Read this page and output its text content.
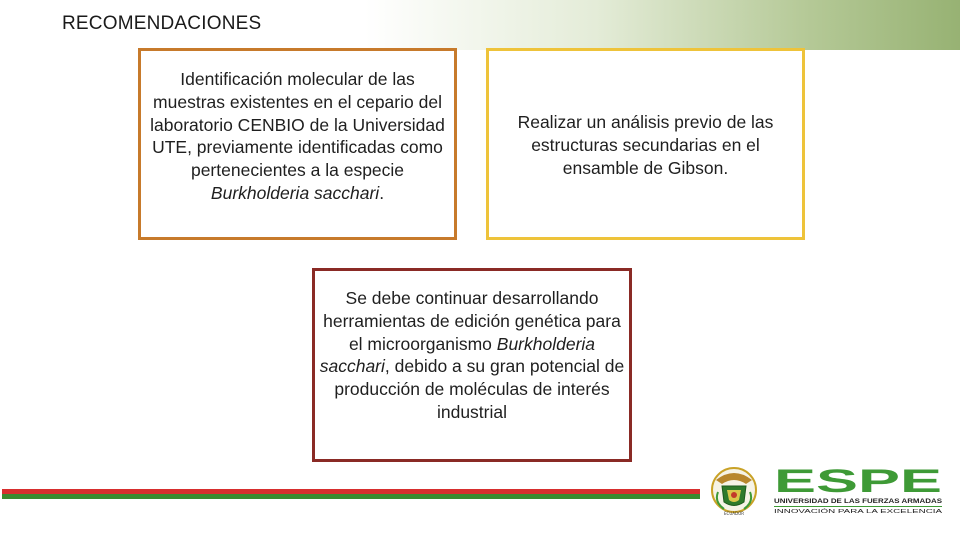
RECOMENDACIONES

Identificación molecular de las muestras existentes en el cepario del laboratorio CENBIO de la Universidad UTE, previamente identificadas como pertenecientes a la especie Burkholderia sacchari.

Realizar un análisis previo de las estructuras secundarias en el ensamble de Gibson.

Se debe continuar desarrollando herramientas de edición genética para el microorganismo Burkholderia sacchari, debido a su gran potencial de producción de moléculas de interés industrial

ECUADOR
ESPE
UNIVERSIDAD DE LAS FUERZAS ARMADAS
INNOVACIÓN PARA LA EXCELENCIA
